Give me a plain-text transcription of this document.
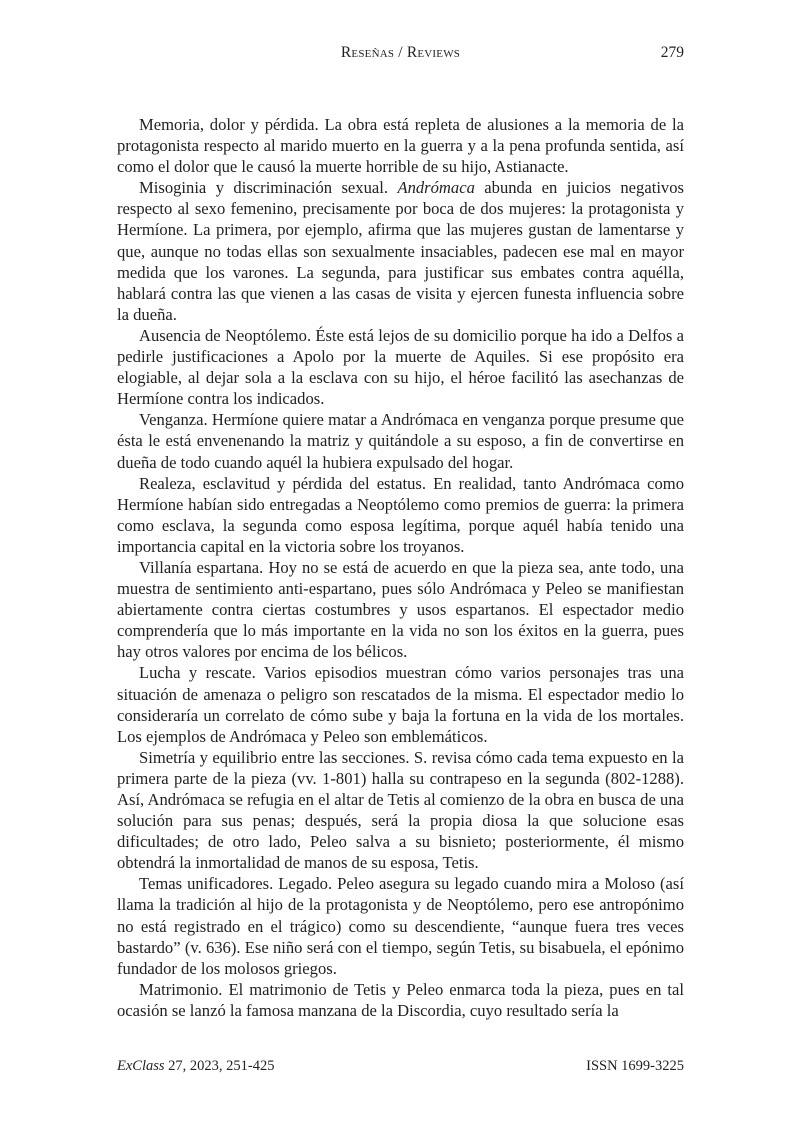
Reseñas / Reviews	279

Memoria, dolor y pérdida. La obra está repleta de alusiones a la memoria de la protagonista respecto al marido muerto en la guerra y a la pena profunda sentida, así como el dolor que le causó la muerte horrible de su hijo, Astianacte.

Misoginia y discriminación sexual. Andrómaca abunda en juicios negativos respecto al sexo femenino, precisamente por boca de dos mujeres: la protagonista y Hermíone. La primera, por ejemplo, afirma que las mujeres gustan de lamentarse y que, aunque no todas ellas son sexualmente insaciables, padecen ese mal en mayor medida que los varones. La segunda, para justificar sus embates contra aquélla, hablará contra las que vienen a las casas de visita y ejercen funesta influencia sobre la dueña.

Ausencia de Neoptólemo. Éste está lejos de su domicilio porque ha ido a Delfos a pedirle justificaciones a Apolo por la muerte de Aquiles. Si ese propósito era elogiable, al dejar sola a la esclava con su hijo, el héroe facilitó las asechanzas de Hermíone contra los indicados.

Venganza. Hermíone quiere matar a Andrómaca en venganza porque presume que ésta le está envenenando la matriz y quitándole a su esposo, a fin de convertirse en dueña de todo cuando aquél la hubiera expulsado del hogar.

Realeza, esclavitud y pérdida del estatus. En realidad, tanto Andrómaca como Hermíone habían sido entregadas a Neoptólemo como premios de guerra: la primera como esclava, la segunda como esposa legítima, porque aquél había tenido una importancia capital en la victoria sobre los troyanos.

Villanía espartana. Hoy no se está de acuerdo en que la pieza sea, ante todo, una muestra de sentimiento anti-espartano, pues sólo Andrómaca y Peleo se manifiestan abiertamente contra ciertas costumbres y usos espartanos. El espectador medio comprendería que lo más importante en la vida no son los éxitos en la guerra, pues hay otros valores por encima de los bélicos.

Lucha y rescate. Varios episodios muestran cómo varios personajes tras una situación de amenaza o peligro son rescatados de la misma. El espectador medio lo consideraría un correlato de cómo sube y baja la fortuna en la vida de los mortales. Los ejemplos de Andrómaca y Peleo son emblemáticos.

Simetría y equilibrio entre las secciones. S. revisa cómo cada tema expuesto en la primera parte de la pieza (vv. 1-801) halla su contrapeso en la segunda (802-1288). Así, Andrómaca se refugia en el altar de Tetis al comienzo de la obra en busca de una solución para sus penas; después, será la propia diosa la que solucione esas dificultades; de otro lado, Peleo salva a su bisnieto; posteriormente, él mismo obtendrá la inmortalidad de manos de su esposa, Tetis.

Temas unificadores. Legado. Peleo asegura su legado cuando mira a Moloso (así llama la tradición al hijo de la protagonista y de Neoptólemo, pero ese antropónimo no está registrado en el trágico) como su descendiente, “aunque fuera tres veces bastardo” (v. 636). Ese niño será con el tiempo, según Tetis, su bisabuela, el epónimo fundador de los molosos griegos.

Matrimonio. El matrimonio de Tetis y Peleo enmarca toda la pieza, pues en tal ocasión se lanzó la famosa manzana de la Discordia, cuyo resultado sería la

ExClass 27, 2023, 251-425	ISSN 1699-3225
